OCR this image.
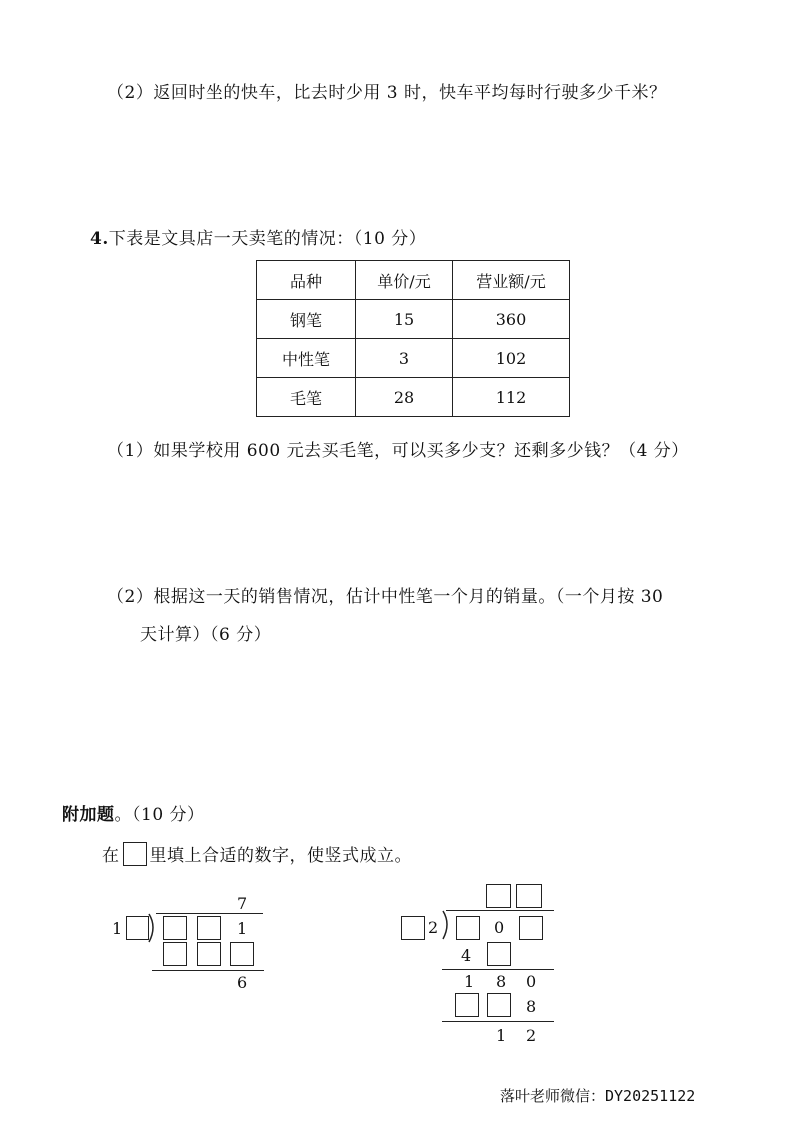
（2）返回时坐的快车，比去时少用 3 时，快车平均每时行驶多少千米？
4.下表是文具店一天卖笔的情况：（10 分）
品种	单价/元	营业额/元
钢笔	15	360
中性笔	3	102
毛笔	28	112
（1）如果学校用 600 元去买毛笔，可以买多少支？还剩多少钱？（4 分）
（2）根据这一天的销售情况，估计中性笔一个月的销量。（一个月按 30
天计算）（6 分）
附加题。（10 分）
在 里填上合适的数字，使竖式成立。
7
1	1
6
2	0
4
1 8 0
8
1 2
落叶老师微信：DY20251122
